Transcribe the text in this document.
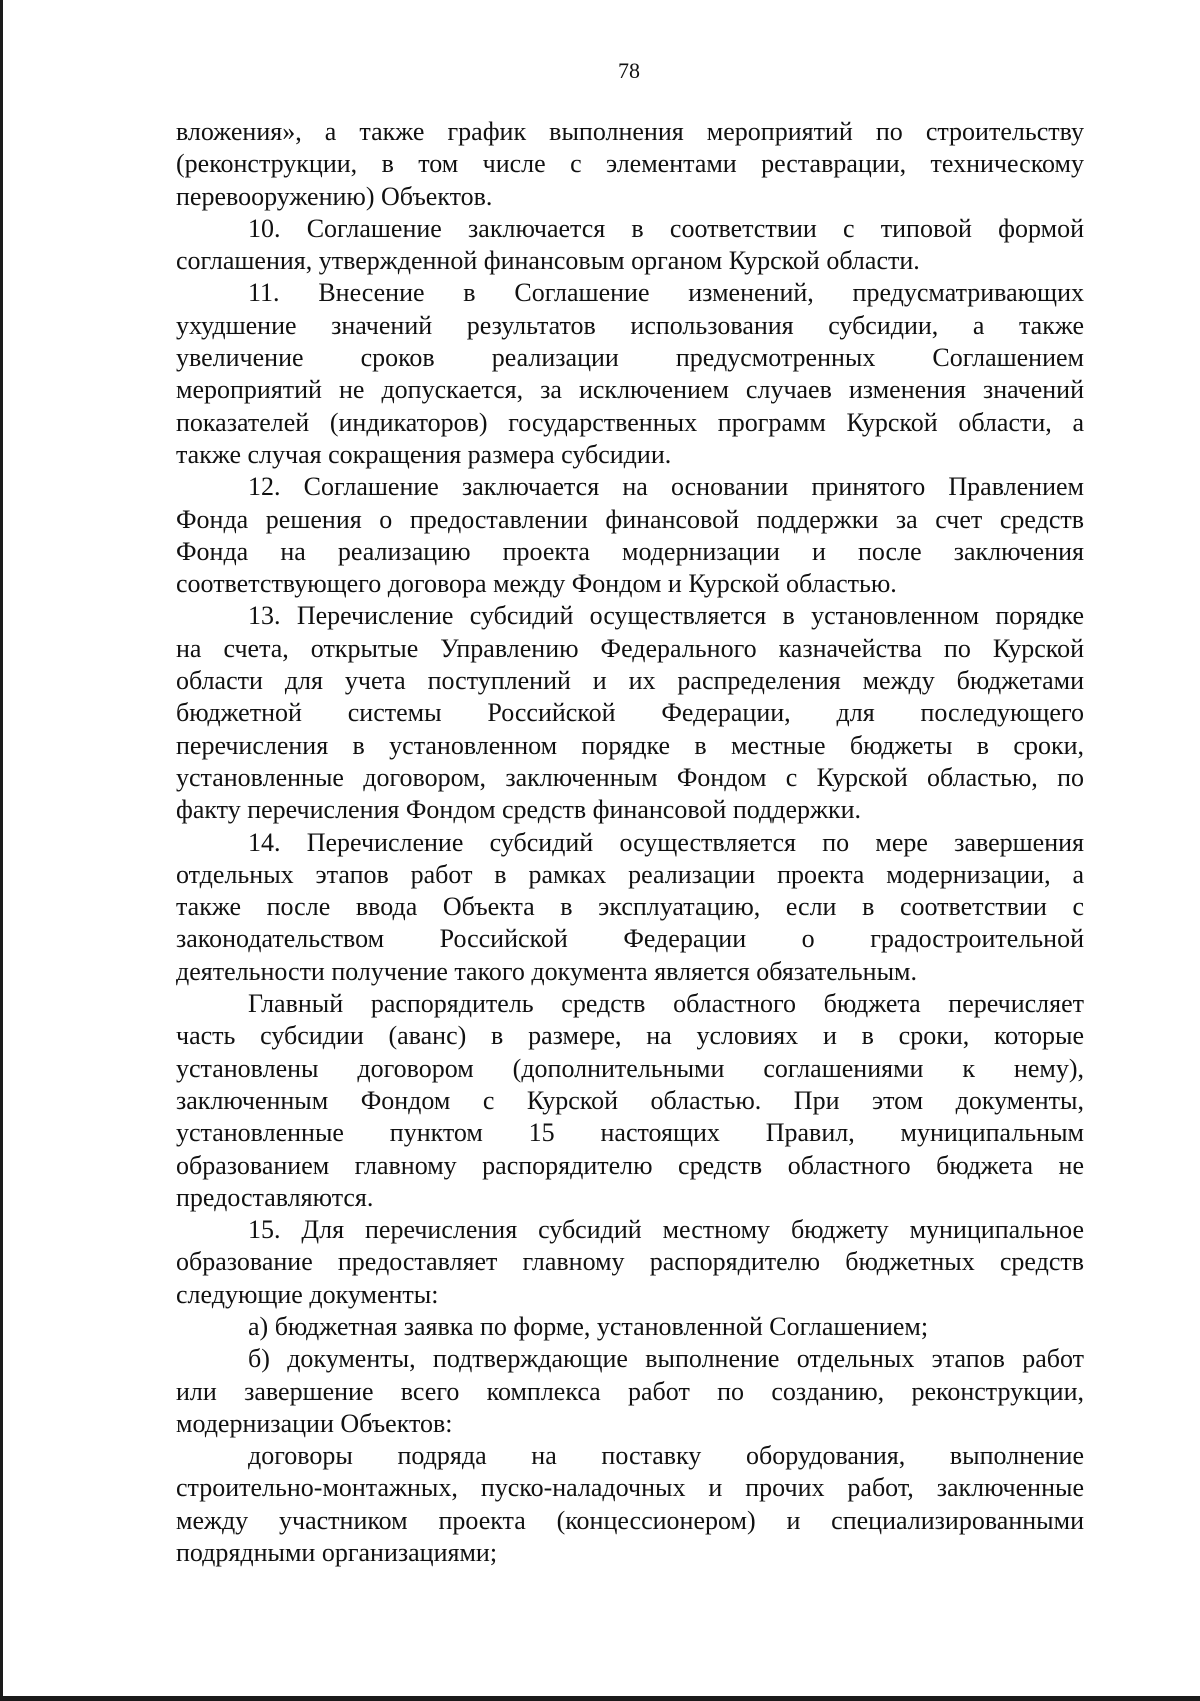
78
вложения», а также график выполнения мероприятий по строительству
(реконструкции, в том числе с элементами реставрации, техническому
перевооружению) Объектов.
10. Соглашение заключается в соответствии с типовой формой
соглашения, утвержденной финансовым органом Курской области.
11. Внесение в Соглашение изменений, предусматривающих
ухудшение значений результатов использования субсидии, а также
увеличение сроков реализации предусмотренных Соглашением
мероприятий не допускается, за исключением случаев изменения значений
показателей (индикаторов) государственных программ Курской области, а
также случая сокращения размера субсидии.
12. Соглашение заключается на основании принятого Правлением
Фонда решения о предоставлении финансовой поддержки за счет средств
Фонда на реализацию проекта модернизации и после заключения
соответствующего договора между Фондом и Курской областью.
13. Перечисление субсидий осуществляется в установленном порядке
на счета, открытые Управлению Федерального казначейства по Курской
области для учета поступлений и их распределения между бюджетами
бюджетной системы Российской Федерации, для последующего
перечисления в установленном порядке в местные бюджеты в сроки,
установленные договором, заключенным Фондом с Курской областью, по
факту перечисления Фондом средств финансовой поддержки.
14. Перечисление субсидий осуществляется по мере завершения
отдельных этапов работ в рамках реализации проекта модернизации, а
также после ввода Объекта в эксплуатацию, если в соответствии с
законодательством Российской Федерации о градостроительной
деятельности получение такого документа является обязательным.
Главный распорядитель средств областного бюджета перечисляет
часть субсидии (аванс) в размере, на условиях и в сроки, которые
установлены договором (дополнительными соглашениями к нему),
заключенным Фондом с Курской областью. При этом документы,
установленные пунктом 15 настоящих Правил, муниципальным
образованием главному распорядителю средств областного бюджета не
предоставляются.
15. Для перечисления субсидий местному бюджету муниципальное
образование предоставляет главному распорядителю бюджетных средств
следующие документы:
а) бюджетная заявка по форме, установленной Соглашением;
б) документы, подтверждающие выполнение отдельных этапов работ
или завершение всего комплекса работ по созданию, реконструкции,
модернизации Объектов:
договоры подряда на поставку оборудования, выполнение
строительно-монтажных, пуско-наладочных и прочих работ, заключенные
между участником проекта (концессионером) и специализированными
подрядными организациями;
